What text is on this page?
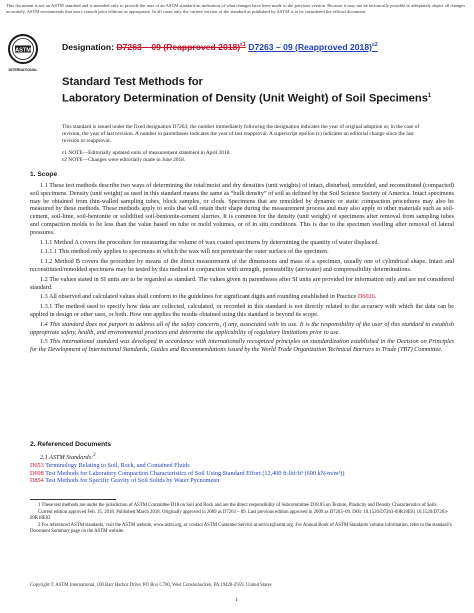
This document is not an ASTM standard and is intended only to provide the user of an ASTM standard an indication of what changes have been made to the previous version. Because it may not be technically possible to adequately depict all changes accurately, ASTM recommends that users consult prior editions as appropriate. In all cases only the current version of the standard as published by ASTM is to be considered the official document.
ASTM
INTERNATIONAL
Designation: D7263 – 09 (Reapproved 2018)$^{\varepsilon 1}$ D7263 – 09 (Reapproved 2018)$^{\varepsilon 2}$
Standard Test Methods for
Laboratory Determination of Density (Unit Weight) of Soil Specimens$^1$
This standard is issued under the fixed designation D7263; the number immediately following the designation indicates the year of original adoption or, in the case of revision, the year of last revision. A number in parentheses indicates the year of last reapproval. A superscript epsilon (ε) indicates an editorial change since the last revision or reapproval.
ε1 NOTE—Editorially updated units of measurement statement in April 2018.
ε2 NOTE—Changes were editorially made in June 2018.
1. Scope

1.1 These test methods describe two ways of determining the total/moist and dry densities (unit weights) of intact, disturbed, remolded, and reconstituted (compacted) soil specimens. Density (unit weight) as used in this standard means the same as “bulk density” of soil as defined by the Soil Science Society of America. Intact specimens may be obtained from thin-walled sampling tubes, block samples, or clods. Specimens that are remolded by dynamic or static compaction procedures may also be measured by these methods. These methods apply to soils that will retain their shape during the measurement process and may also apply to other materials such as soil-cement, soil-lime, soil-bentonite or solidified soil-bentonite-cement slurries. It is common for the density (unit weight) of specimens after removal from sampling tubes and compaction molds to be less than the value based on tube or mold volumes, or of in situ conditions. This is due to the specimen swelling after removal of lateral pressures.

1.1.1 Method A covers the procedure for measuring the volume of wax coated specimens by determining the quantity of water displaced.

1.1.1.1 This method only applies to specimens in which the wax will not penetrate the outer surface of the specimen.

1.1.2 Method B covers the procedure by means of the direct measurement of the dimensions and mass of a specimen, usually one of cylindrical shape. Intact and reconstituted/remolded specimens may be tested by this method in conjunction with strength, permeability (air/water) and compressibility determinations.

1.2 The values stated in SI units are to be regarded as standard. The values given in parentheses after SI units are provided for information only and are not considered standard.

1.3 All observed and calculated values shall conform to the guidelines for significant digits and rounding established in Practice D6026.

1.3.1 The method used to specify how data are collected, calculated, or recorded in this standard is not directly related to the accuracy with which the data can be applied in design or other uses, or both. How one applies the results obtained using this standard is beyond its scope.

1.4 This standard does not purport to address all of the safety concerns, if any, associated with its use. It is the responsibility of the user of this standard to establish appropriate safety, health, and environmental practices and determine the applicability of regulatory limitations prior to use.

1.5 This international standard was developed in accordance with internationally recognized principles on standardization established in the Decision on Principles for the Development of International Standards, Guides and Recommendations issued by the World Trade Organization Technical Barriers to Trade (TBT) Committee.

2. Referenced Documents
2.1 ASTM Standards:$^2$
D653 Terminology Relating to Soil, Rock, and Contained Fluids
D698 Test Methods for Laboratory Compaction Characteristics of Soil Using Standard Effort (12,400 ft-lbf/ft³ (600 kN-m/m³))
D854 Test Methods for Specific Gravity of Soil Solids by Water Pycnometer

1 These test methods are under the jurisdiction of ASTM Committee D18 on Soil and Rock and are the direct responsibility of Subcommittee D18.03 on Texture, Plasticity and Density Characteristics of Soils.

Current edition approved Feb. 15, 2018. Published March 2018. Originally approved in 2009 as D7263 – 09. Last previous edition approved in 2009 as D7263–09. DOI: 10.1520/D7263-09R18E01 10.1520/D7263-09R18E02

2 For referenced ASTM standards, visit the ASTM website, www.astm.org, or contact ASTM Customer Service at service@astm.org. For Annual Book of ASTM Standards volume information, refer to the standard’s Document Summary page on the ASTM website.

Copyright © ASTM International, 100 Barr Harbor Drive, PO Box C700, West Conshohocken, PA 19428-2959. United States
1
